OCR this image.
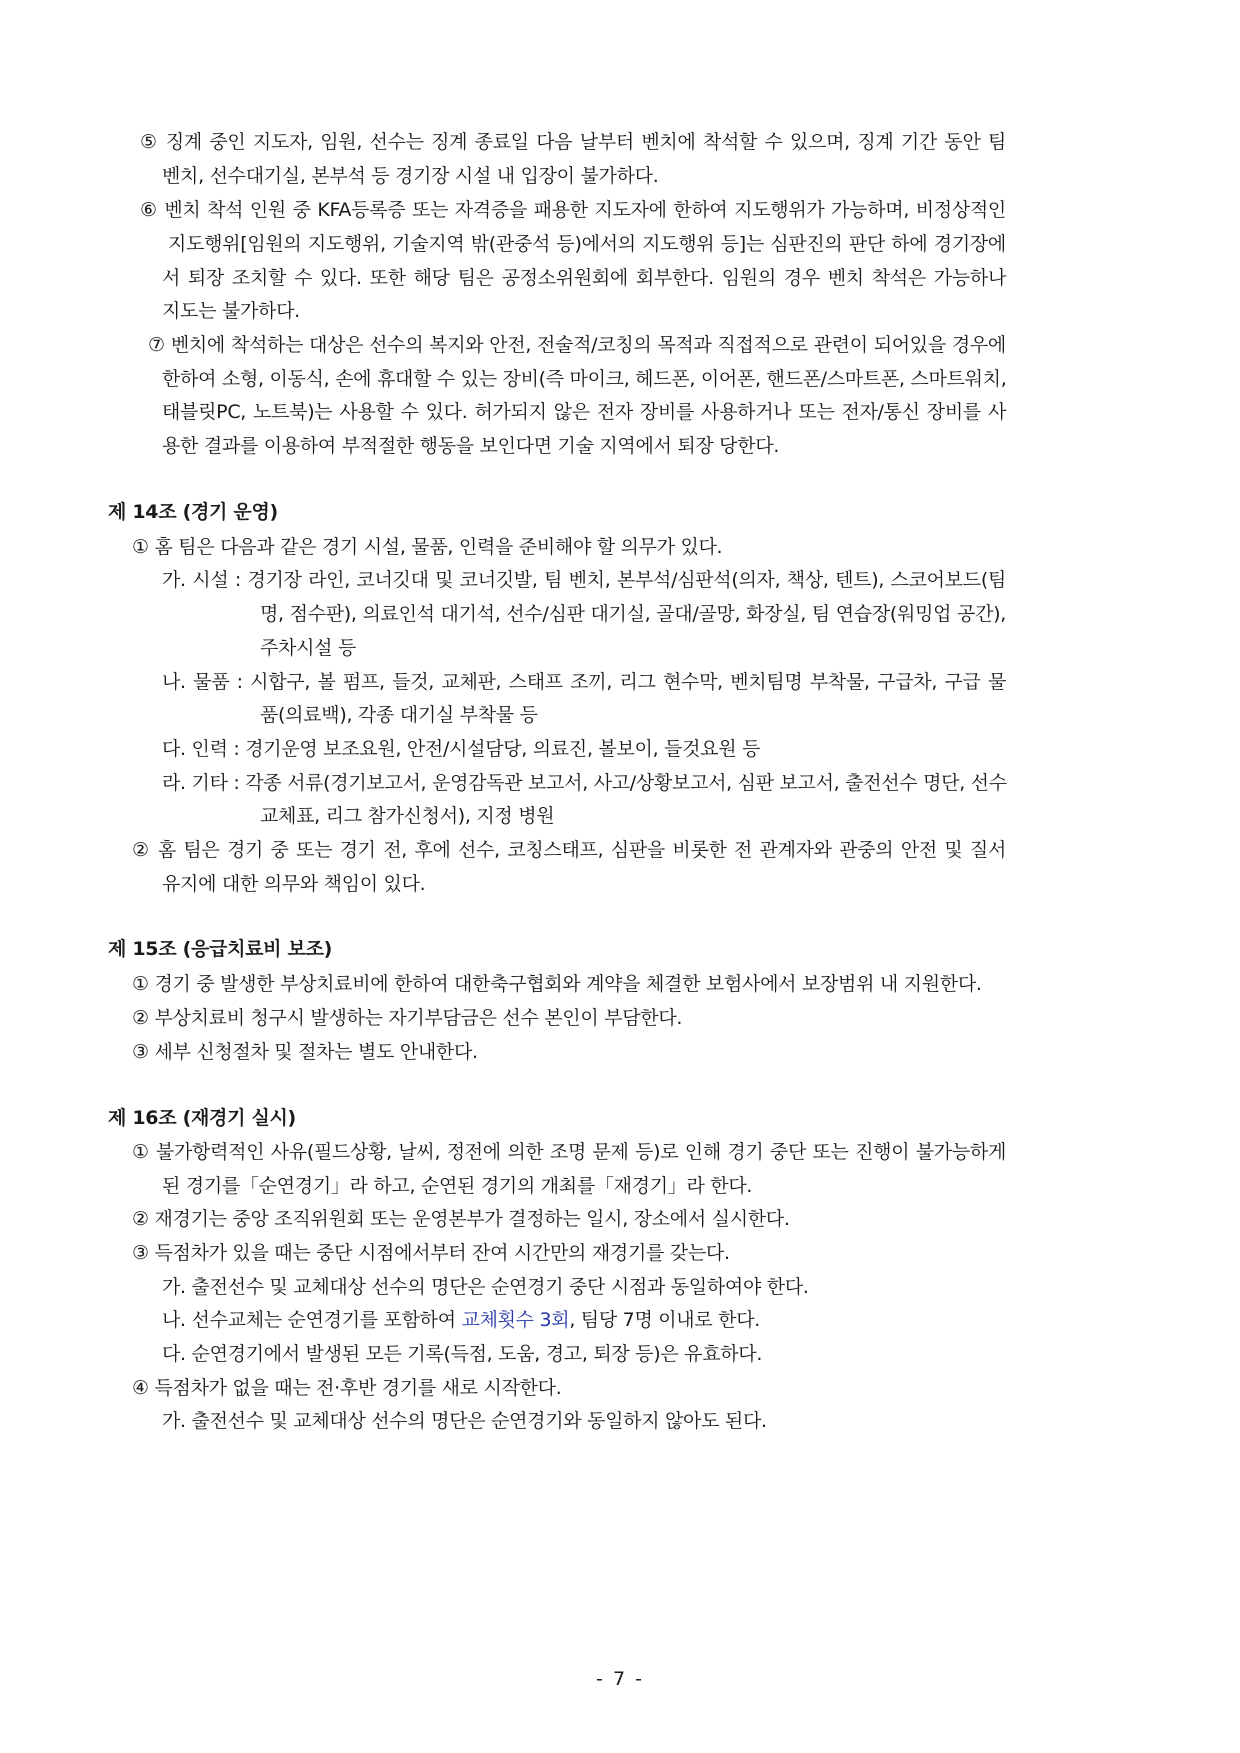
⑤ 징계 중인 지도자, 임원, 선수는 징계 종료일 다음 날부터 벤치에 착석할 수 있으며, 징계 기간 동안 팀

벤치, 선수대기실, 본부석 등 경기장 시설 내 입장이 불가하다.

⑥ 벤치 착석 인원 중 KFA등록증 또는 자격증을 패용한 지도자에 한하여 지도행위가 가능하며, 비정상적인

지도행위[임원의 지도행위, 기술지역 밖(관중석 등)에서의 지도행위 등]는 심판진의 판단 하에 경기장에

서 퇴장 조치할 수 있다. 또한 해당 팀은 공정소위원회에 회부한다. 임원의 경우 벤치 착석은 가능하나

지도는 불가하다.

⑦ 벤치에 착석하는 대상은 선수의 복지와 안전, 전술적/코칭의 목적과 직접적으로 관련이 되어있을 경우에

한하여 소형, 이동식, 손에 휴대할 수 있는 장비(즉 마이크, 헤드폰, 이어폰, 핸드폰/스마트폰, 스마트워치,

태블릿PC, 노트북)는 사용할 수 있다. 허가되지 않은 전자 장비를 사용하거나 또는 전자/통신 장비를 사

용한 결과를 이용하여 부적절한 행동을 보인다면 기술 지역에서 퇴장 당한다.

제 14조 (경기 운영)

① 홈 팀은 다음과 같은 경기 시설, 물품, 인력을 준비해야 할 의무가 있다.

가. 시설 : 경기장 라인, 코너깃대 및 코너깃발, 팀 벤치, 본부석/심판석(의자, 책상, 텐트), 스코어보드(팀

명, 점수판), 의료인석 대기석, 선수/심판 대기실, 골대/골망, 화장실, 팀 연습장(워밍업 공간),

주차시설 등

나. 물품 : 시합구, 볼 펌프, 들것, 교체판, 스태프 조끼, 리그 현수막, 벤치팀명 부착물, 구급차, 구급 물

품(의료백), 각종 대기실 부착물 등

다. 인력 : 경기운영 보조요원, 안전/시설담당, 의료진, 볼보이, 들것요원 등

라. 기타 : 각종 서류(경기보고서, 운영감독관 보고서, 사고/상황보고서, 심판 보고서, 출전선수 명단, 선수

교체표, 리그 참가신청서), 지정 병원

② 홈 팀은 경기 중 또는 경기 전, 후에 선수, 코칭스태프, 심판을 비롯한 전 관계자와 관중의 안전 및 질서

유지에 대한 의무와 책임이 있다.

제 15조 (응급치료비 보조)

① 경기 중 발생한 부상치료비에 한하여 대한축구협회와 계약을 체결한 보험사에서 보장범위 내 지원한다.

② 부상치료비 청구시 발생하는 자기부담금은 선수 본인이 부담한다.

③ 세부 신청절차 및 절차는 별도 안내한다.

제 16조 (재경기 실시)

① 불가항력적인 사유(필드상황, 날씨, 정전에 의한 조명 문제 등)로 인해 경기 중단 또는 진행이 불가능하게

된 경기를「순연경기」라 하고, 순연된 경기의 개최를「재경기」라 한다.

② 재경기는 중앙 조직위원회 또는 운영본부가 결정하는 일시, 장소에서 실시한다.

③ 득점차가 있을 때는 중단 시점에서부터 잔여 시간만의 재경기를 갖는다.

가. 출전선수 및 교체대상 선수의 명단은 순연경기 중단 시점과 동일하여야 한다.

나. 선수교체는 순연경기를 포함하여 교체횟수 3회, 팀당 7명 이내로 한다.

다. 순연경기에서 발생된 모든 기록(득점, 도움, 경고, 퇴장 등)은 유효하다.

④ 득점차가 없을 때는 전·후반 경기를 새로 시작한다.

가. 출전선수 및 교체대상 선수의 명단은 순연경기와 동일하지 않아도 된다.

- 7 -
